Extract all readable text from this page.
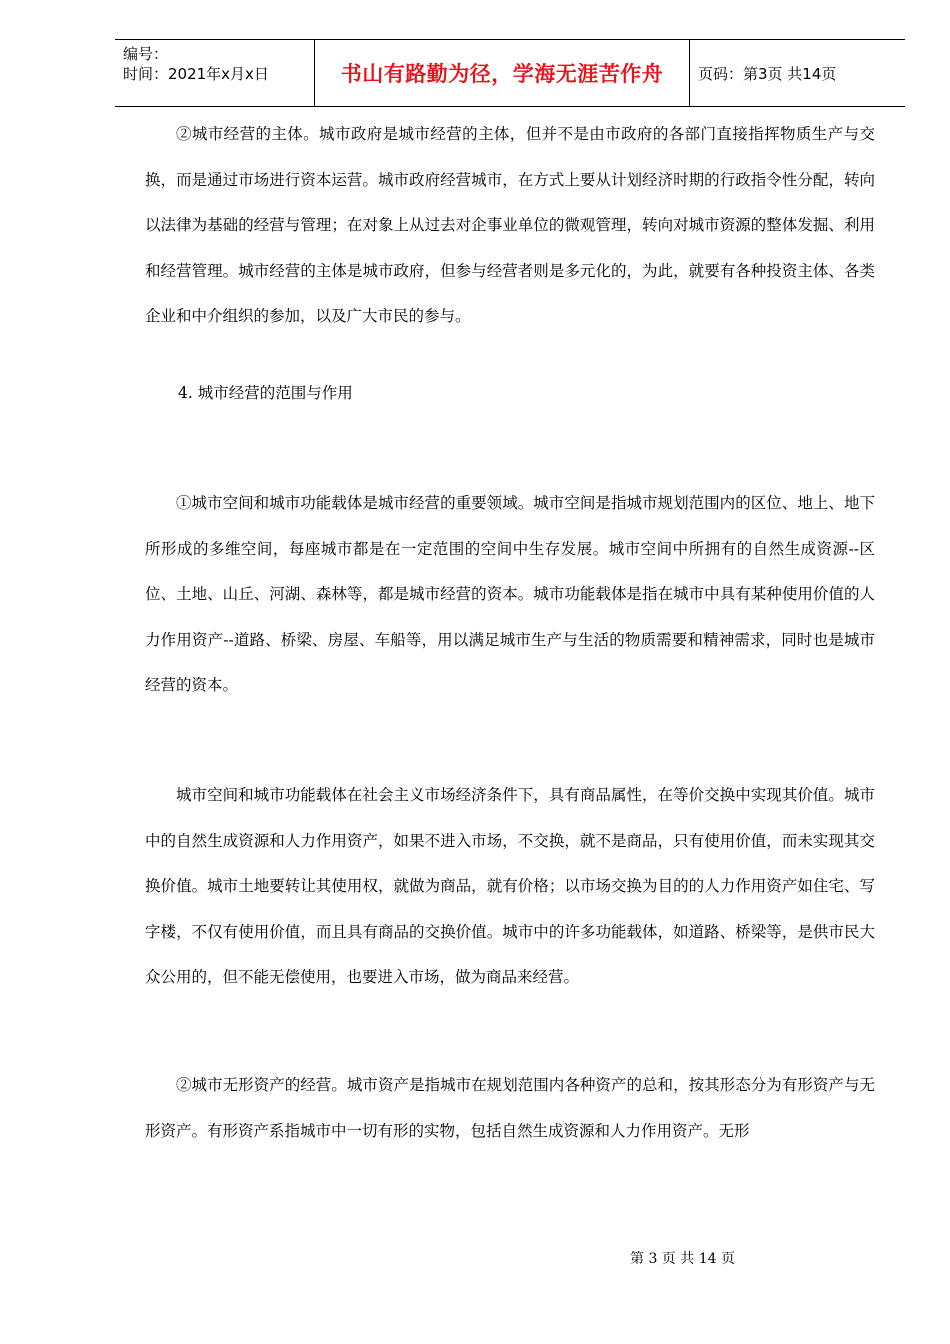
编号：
时间：2021年x月x日	书山有路勤为径，学海无涯苦作舟 页码：第3页 共14页

②城市经营的主体。城市政府是城市经营的主体，但并不是由市政府的各部门直接指挥物质生产与交换，而是通过市场进行资本运营。城市政府经营城市，在方式上要从计划经济时期的行政指令性分配，转向以法律为基础的经营与管理；在对象上从过去对企事业单位的微观管理，转向对城市资源的整体发掘、利用和经营管理。城市经营的主体是城市政府，但参与经营者则是多元化的，为此，就要有各种投资主体、各类企业和中介组织的参加，以及广大市民的参与。

4. 城市经营的范围与作用

①城市空间和城市功能载体是城市经营的重要领域。城市空间是指城市规划范围内的区位、地上、地下所形成的多维空间，每座城市都是在一定范围的空间中生存发展。城市空间中所拥有的自然生成资源--区位、土地、山丘、河湖、森林等，都是城市经营的资本。城市功能载体是指在城市中具有某种使用价值的人力作用资产--道路、桥梁、房屋、车船等，用以满足城市生产与生活的物质需要和精神需求，同时也是城市经营的资本。

城市空间和城市功能载体在社会主义市场经济条件下，具有商品属性，在等价交换中实现其价值。城市中的自然生成资源和人力作用资产，如果不进入市场，不交换，就不是商品，只有使用价值，而未实现其交换价值。城市土地要转让其使用权，就做为商品，就有价格；以市场交换为目的的人力作用资产如住宅、写字楼，不仅有使用价值，而且具有商品的交换价值。城市中的许多功能载体，如道路、桥梁等，是供市民大众公用的，但不能无偿使用，也要进入市场，做为商品来经营。

②城市无形资产的经营。城市资产是指城市在规划范围内各种资产的总和，按其形态分为有形资产与无形资产。有形资产系指城市中一切有形的实物，包括自然生成资源和人力作用资产。无形

第 3 页 共 14 页
